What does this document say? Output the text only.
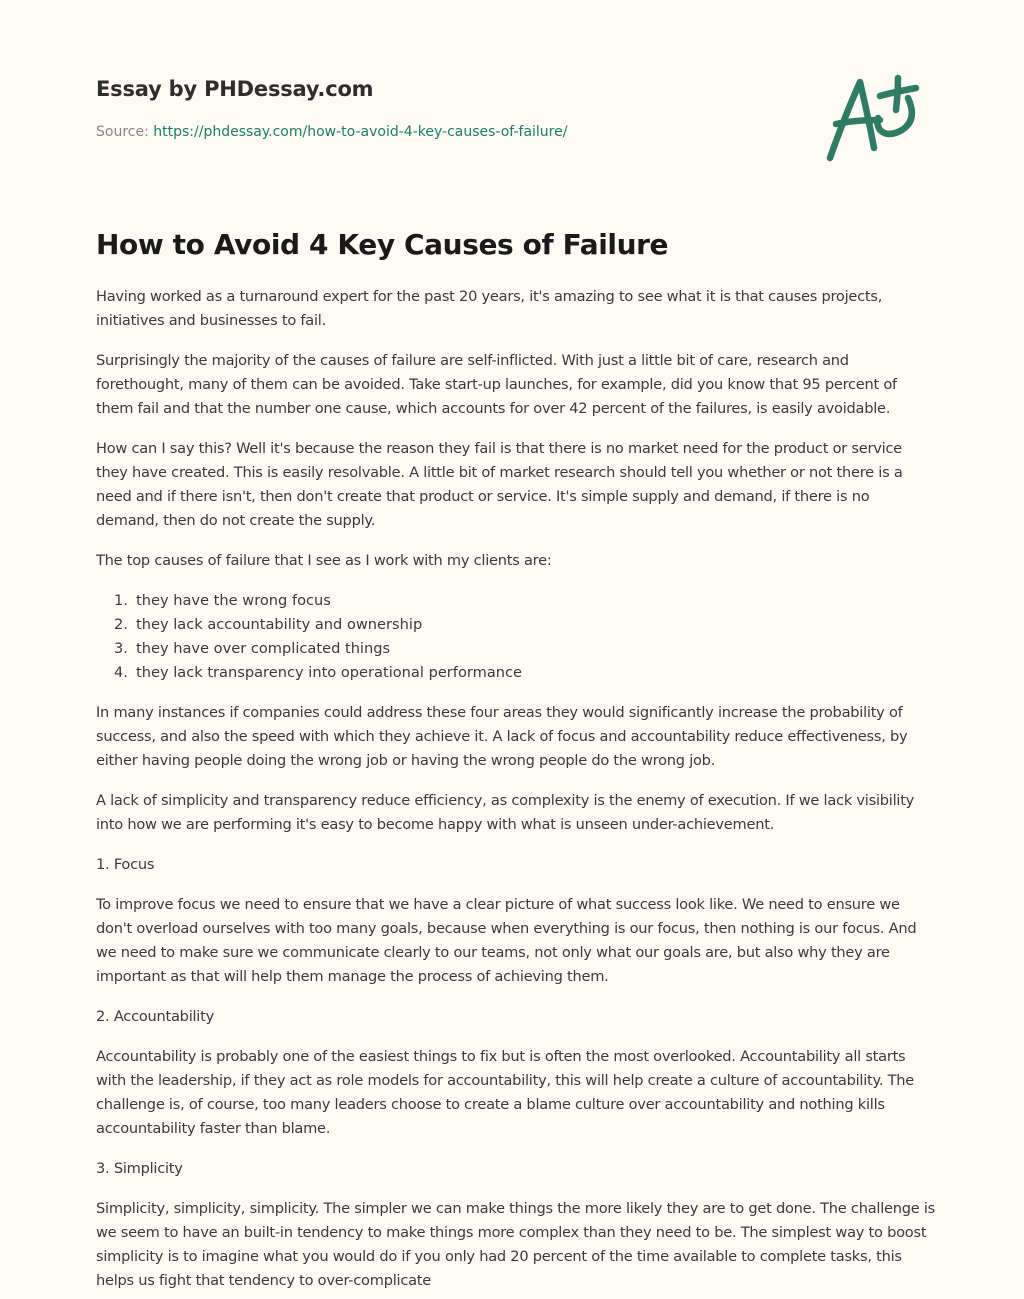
Essay by PHDessay.com
Source: https://phdessay.com/how-to-avoid-4-key-causes-of-failure/
How to Avoid 4 Key Causes of Failure

Having worked as a turnaround expert for the past 20 years, it's amazing to see what it is that causes projects, initiatives and businesses to fail.

Surprisingly the majority of the causes of failure are self-inflicted. With just a little bit of care, research and forethought, many of them can be avoided. Take start-up launches, for example, did you know that 95 percent of them fail and that the number one cause, which accounts for over 42 percent of the failures, is easily avoidable.

How can I say this? Well it's because the reason they fail is that there is no market need for the product or service they have created. This is easily resolvable. A little bit of market research should tell you whether or not there is a need and if there isn't, then don't create that product or service. It's simple supply and demand, if there is no demand, then do not create the supply.

The top causes of failure that I see as I work with my clients are:

1. they have the wrong focus
2. they lack accountability and ownership
3. they have over complicated things
4. they lack transparency into operational performance

In many instances if companies could address these four areas they would significantly increase the probability of success, and also the speed with which they achieve it. A lack of focus and accountability reduce effectiveness, by either having people doing the wrong job or having the wrong people do the wrong job.

A lack of simplicity and transparency reduce efficiency, as complexity is the enemy of execution. If we lack visibility into how we are performing it's easy to become happy with what is unseen under-achievement.

1. Focus

To improve focus we need to ensure that we have a clear picture of what success look like. We need to ensure we don't overload ourselves with too many goals, because when everything is our focus, then nothing is our focus. And we need to make sure we communicate clearly to our teams, not only what our goals are, but also why they are important as that will help them manage the process of achieving them.

2. Accountability

Accountability is probably one of the easiest things to fix but is often the most overlooked. Accountability all starts with the leadership, if they act as role models for accountability, this will help create a culture of accountability. The challenge is, of course, too many leaders choose to create a blame culture over accountability and nothing kills accountability faster than blame.

3. Simplicity

Simplicity, simplicity, simplicity. The simpler we can make things the more likely they are to get done. The challenge is we seem to have an built-in tendency to make things more complex than they need to be. The simplest way to boost simplicity is to imagine what you would do if you only had 20 percent of the time available to complete tasks, this helps us fight that tendency to over-complicate
